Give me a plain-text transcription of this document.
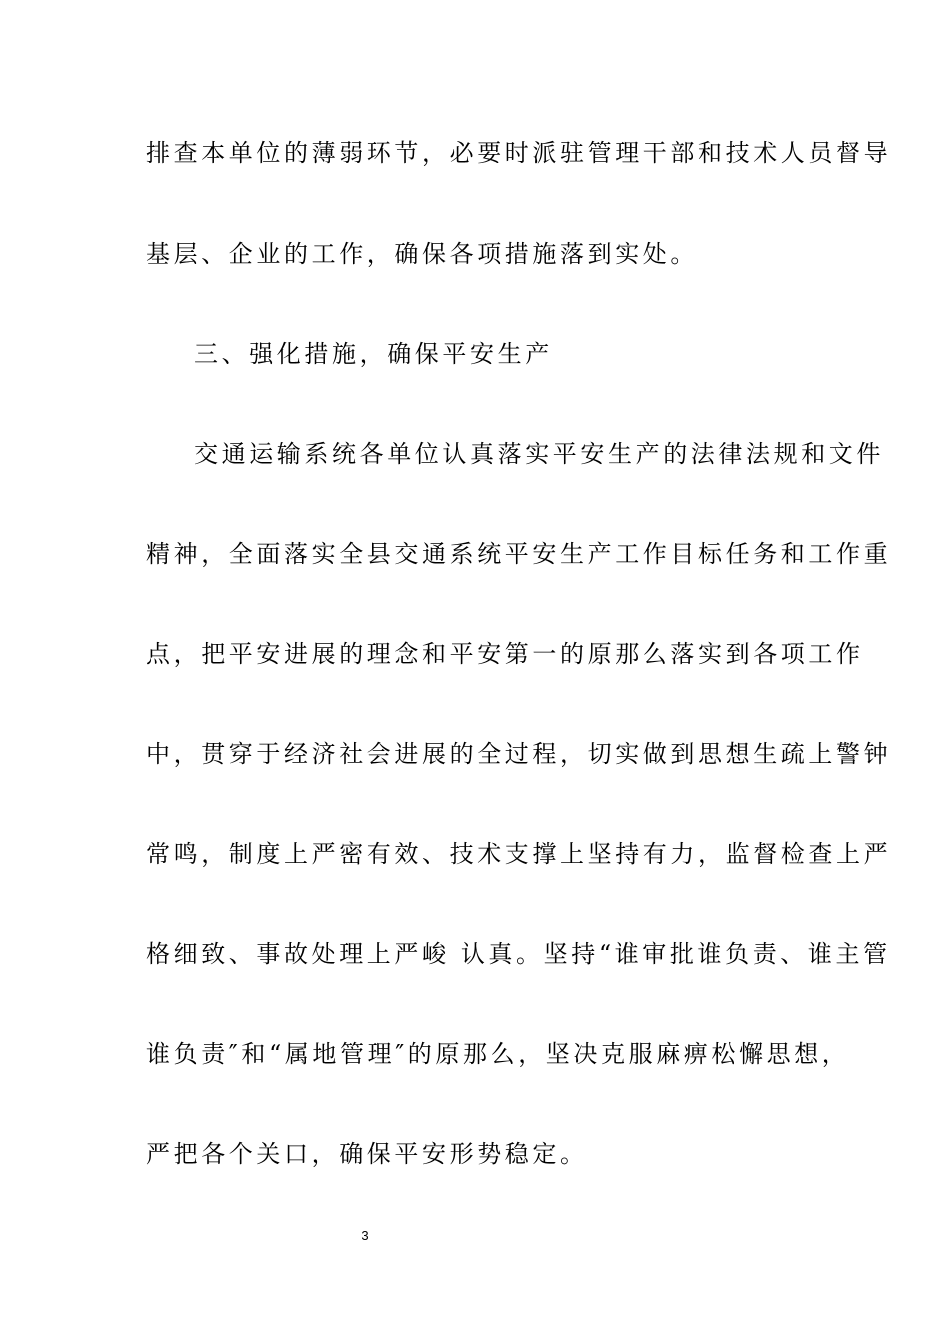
排查本单位的薄弱环节，必要时派驻管理干部和技术人员督导
基层、企业的工作，确保各项措施落到实处。
三、强化措施，确保平安生产
交通运输系统各单位认真落实平安生产的法律法规和文件
精神，全面落实全县交通系统平安生产工作目标任务和工作重
点，把平安进展的理念和平安第一的原那么落实到各项工作
中，贯穿于经济社会进展的全过程，切实做到思想生疏上警钟
常鸣，制度上严密有效、技术支撑上坚持有力，监督检查上严
格细致、事故处理上严峻 认真。坚持“谁审批谁负责、谁主管
谁负责″和“属地管理″的原那么，坚决克服麻痹松懈思想，
严把各个关口，确保平安形势稳定。
3
